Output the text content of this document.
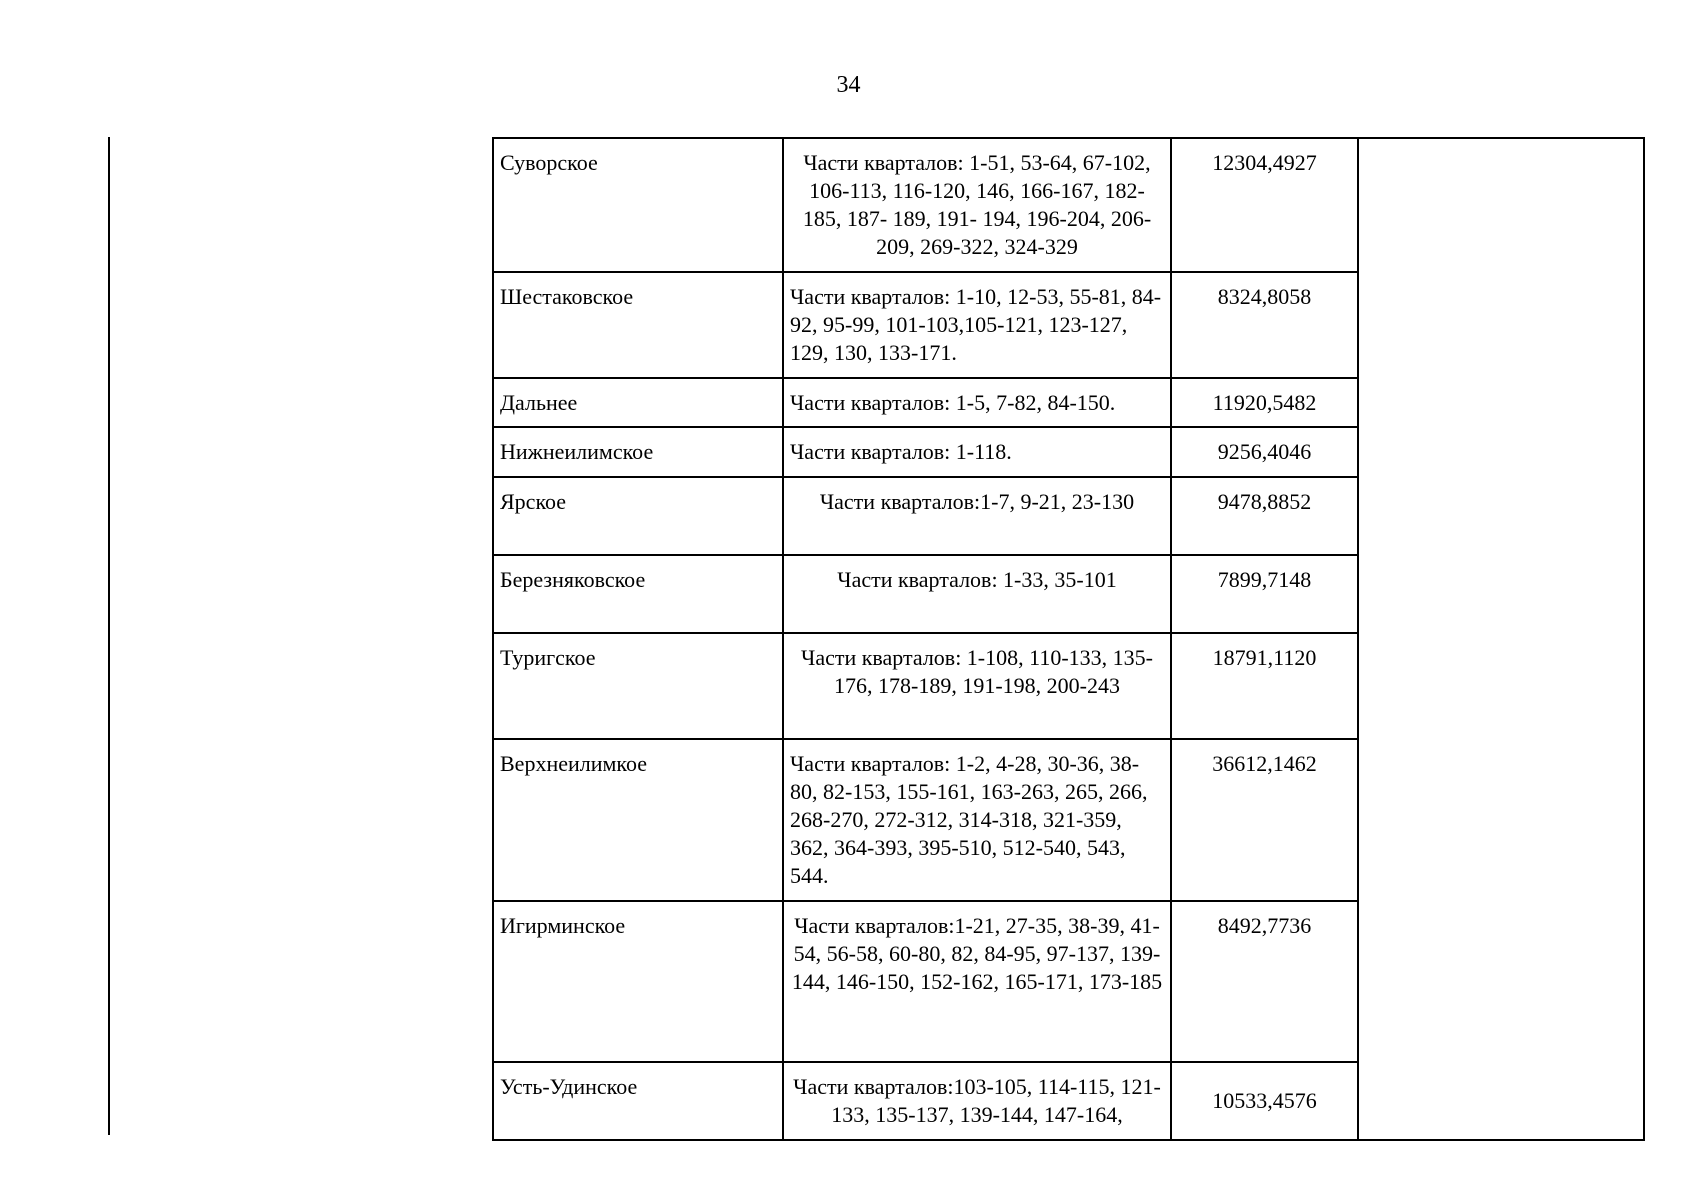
34
Суворское	Части кварталов: 1-51, 53-64, 67-102, 106-113, 116-120, 146, 166-167, 182- 185, 187- 189, 191- 194, 196-204, 206- 209, 269-322, 324-329	12304,4927	
Шестаковское	Части кварталов: 1-10, 12-53, 55-81, 84-92, 95-99, 101-103,105-121, 123-127, 129, 130, 133-171.	8324,8058	
Дальнее	Части кварталов: 1-5, 7-82, 84-150.	11920,5482	
Нижнеилимское	Части кварталов: 1-118.	9256,4046	
Ярское	Части кварталов:1-7, 9-21, 23-130	9478,8852	
Березняковское	Части кварталов: 1-33, 35-101	7899,7148	
Туригское	Части кварталов: 1-108, 110-133, 135-176, 178-189, 191-198, 200-243	18791,1120	
Верхнеилимкое	Части кварталов: 1-2, 4-28, 30-36, 38-80, 82-153, 155-161, 163-263, 265, 266, 268-270, 272-312, 314-318, 321-359, 362, 364-393, 395-510, 512-540, 543, 544.	36612,1462	
Игирминское	Части кварталов:1-21, 27-35, 38-39, 41-54, 56-58, 60-80, 82, 84-95, 97-137, 139-144, 146-150, 152-162, 165-171, 173-185	8492,7736	
Усть-Удинское	Части кварталов:103-105, 114-115, 121-133, 135-137, 139-144, 147-164,	10533,4576	
